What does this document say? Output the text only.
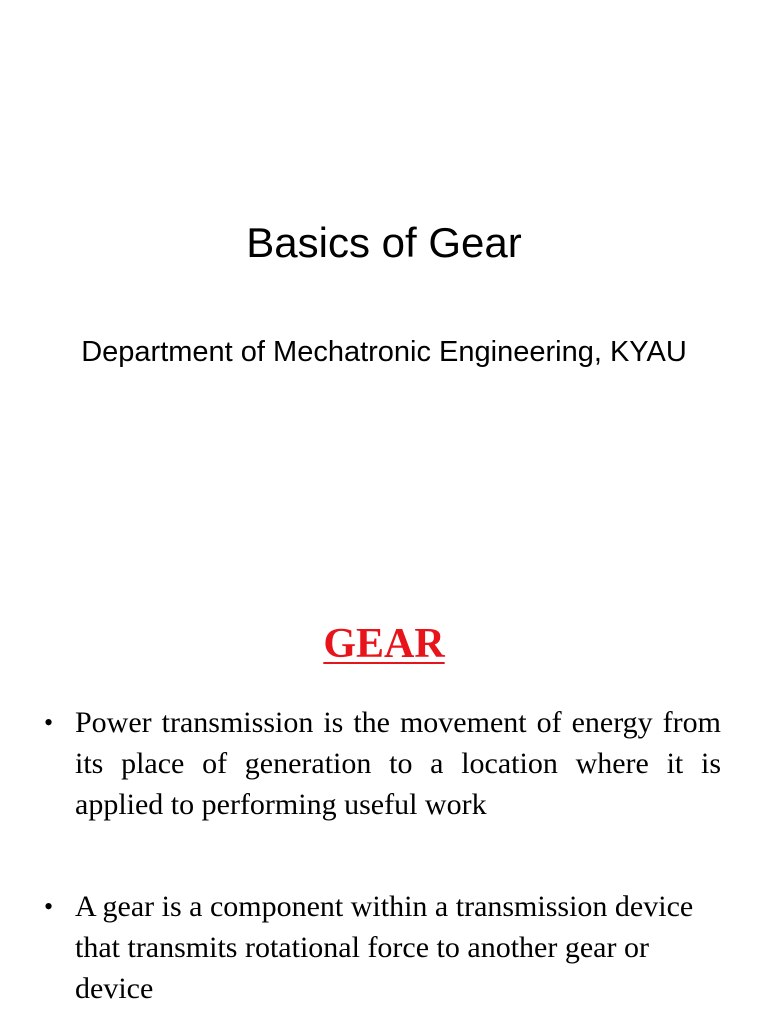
Basics of Gear
Department of Mechatronic Engineering, KYAU
GEAR
• Power transmission is the movement of energy from its place of generation to a location where it is applied to performing useful work
• A gear is a component within a transmission device that transmits rotational force to another gear or device
